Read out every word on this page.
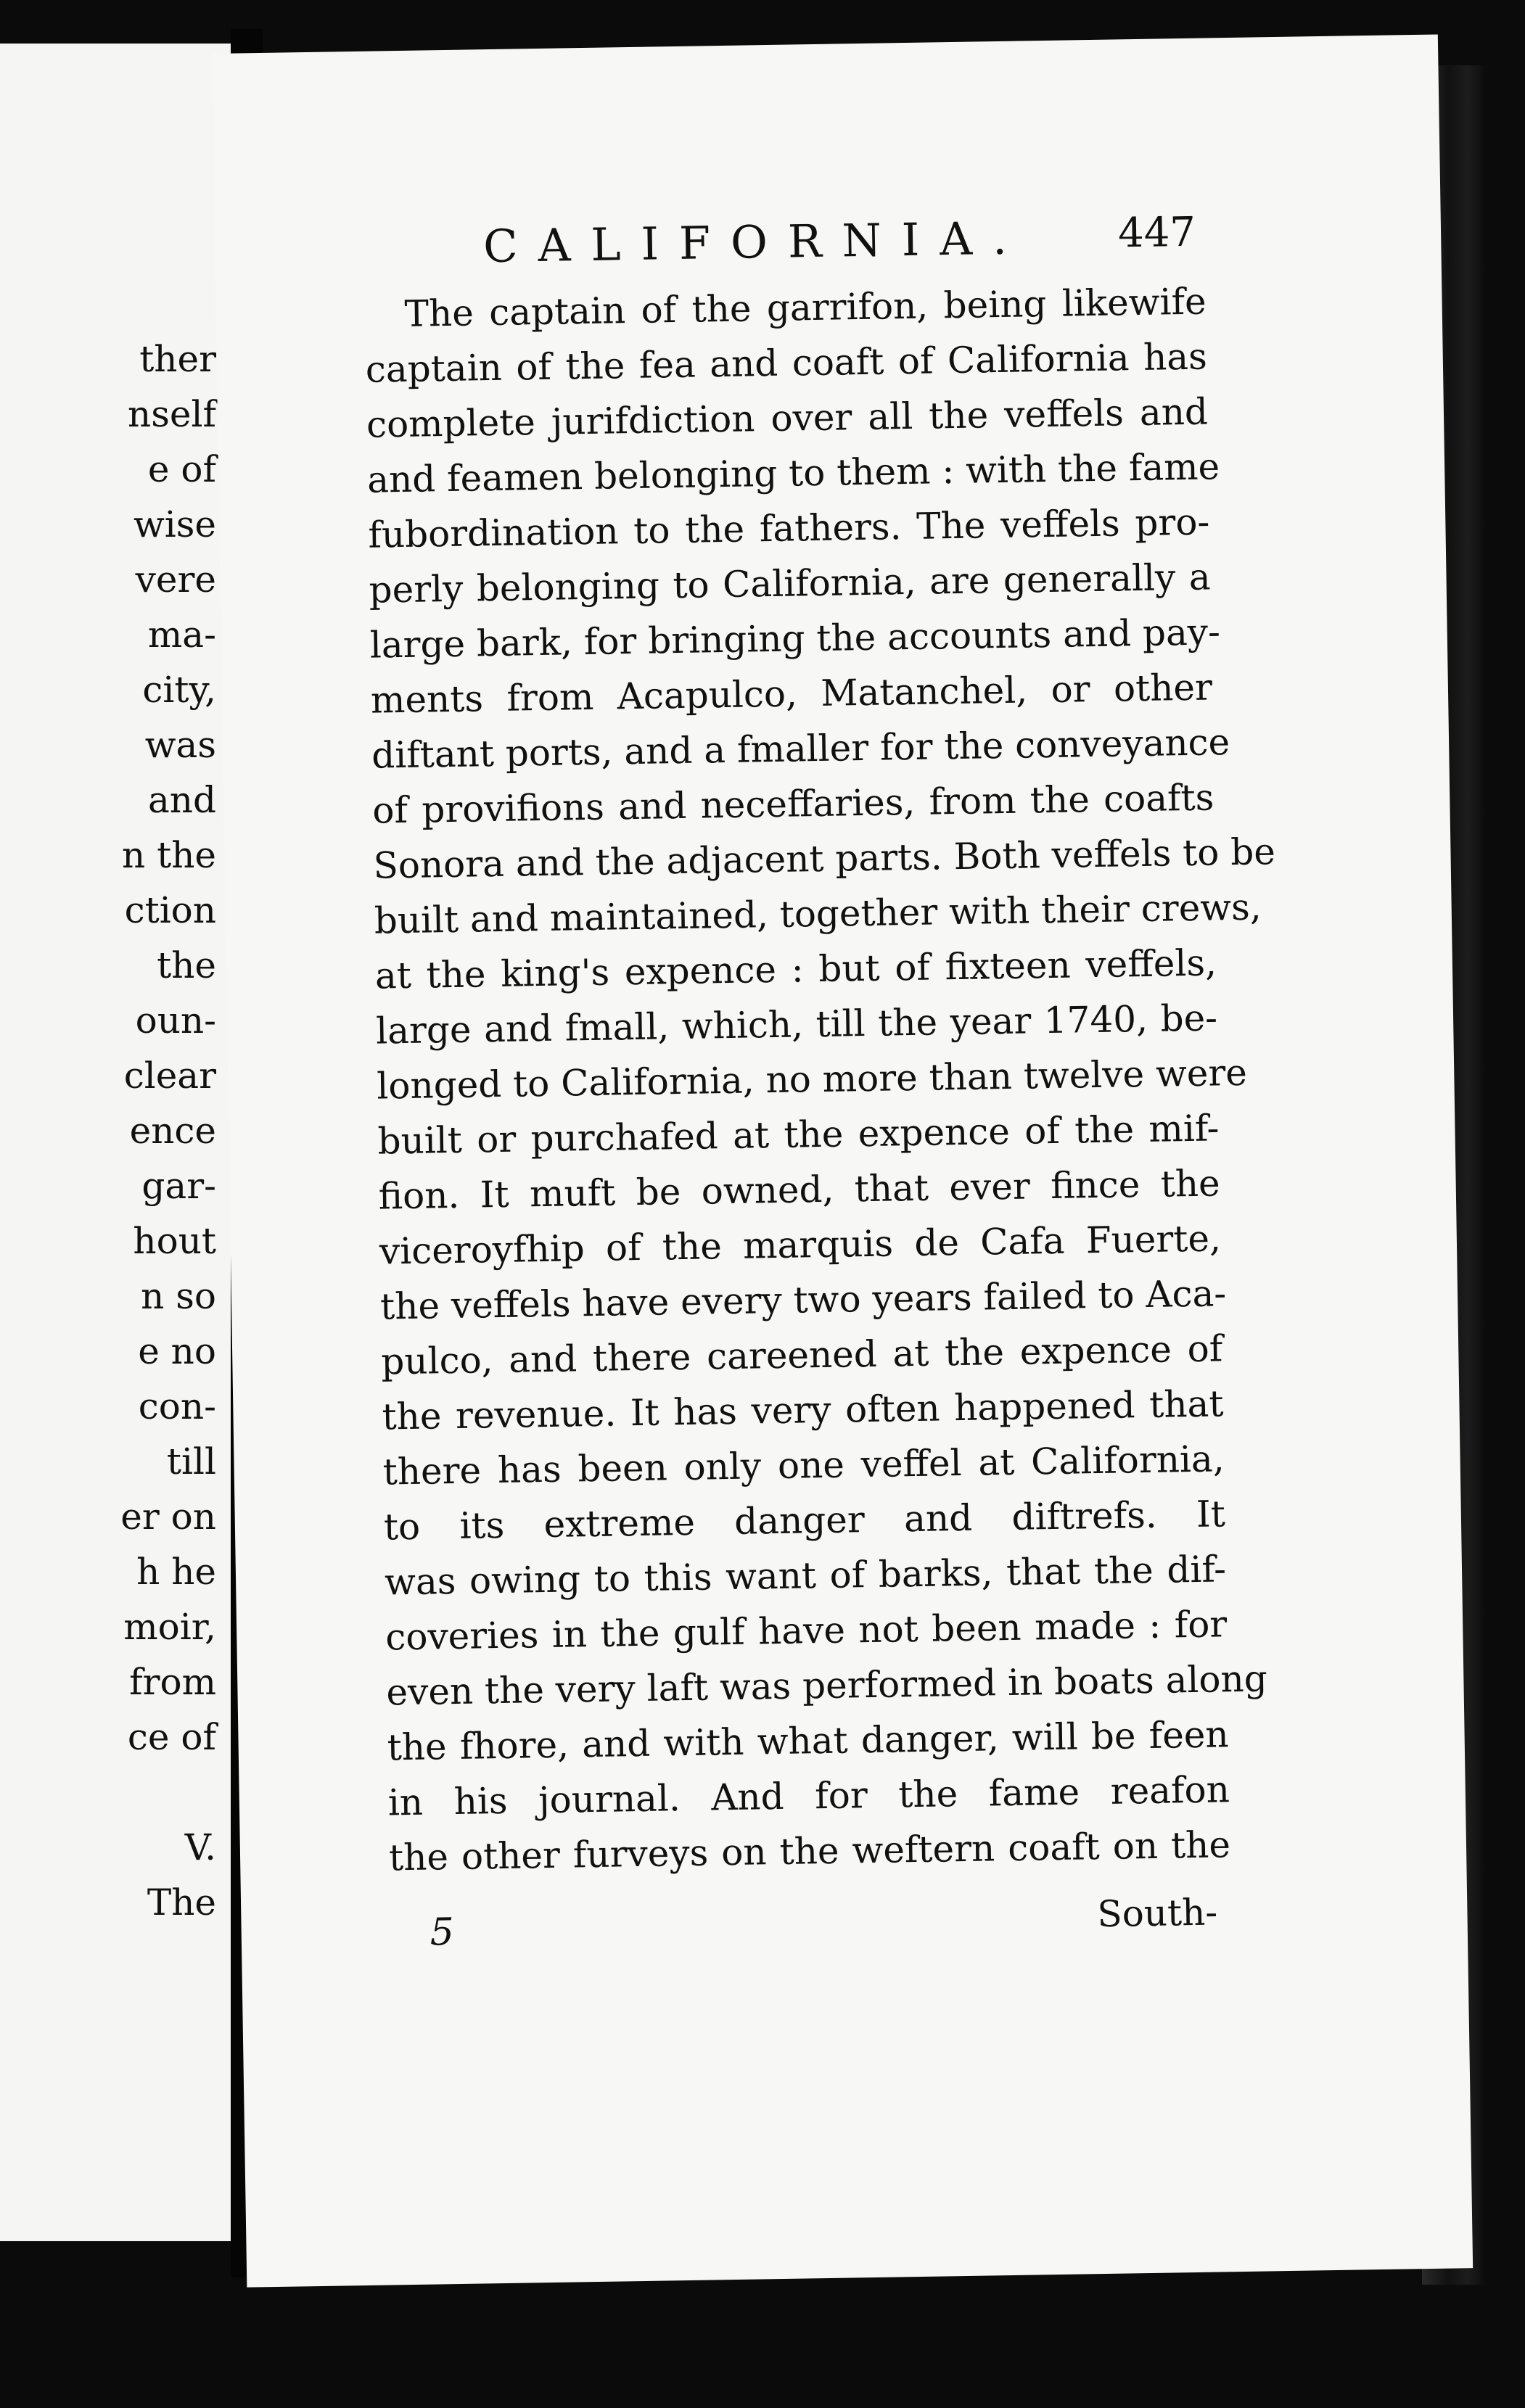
ther
nself
e of
wise
vere
ma-
city,
was
and
n the
ction
the
oun-
clear
ence
gar-
hout
n so
e no
con-
till
er on
h he
moir,
from
ce of
V.
The
CALIFORNIA. 447
The captain of the garrifon, being likewife
captain of the fea and coaft of California has
complete jurifdiction over all the veffels and
and feamen belonging to them : with the fame
fubordination to the fathers. The veffels pro-
perly belonging to California, are generally a
large bark, for bringing the accounts and pay-
ments from Acapulco, Matanchel, or other
diftant ports, and a fmaller for the conveyance
of provifions and neceffaries, from the coafts
Sonora and the adjacent parts. Both veffels to be
built and maintained, together with their crews,
at the king's expence : but of fixteen veffels,
large and fmall, which, till the year 1740, be-
longed to California, no more than twelve were
built or purchafed at the expence of the mif-
fion. It muft be owned, that ever fince the
viceroyfhip of the marquis de Cafa Fuerte,
the veffels have every two years failed to Aca-
pulco, and there careened at the expence of
the revenue. It has very often happened that
there has been only one veffel at California,
to its extreme danger and diftrefs. It
was owing to this want of barks, that the dif-
coveries in the gulf have not been made : for
even the very laft was performed in boats along
the fhore, and with what danger, will be feen
in his journal. And for the fame reafon
the other furveys on the weftern coaft on the
5	South-
